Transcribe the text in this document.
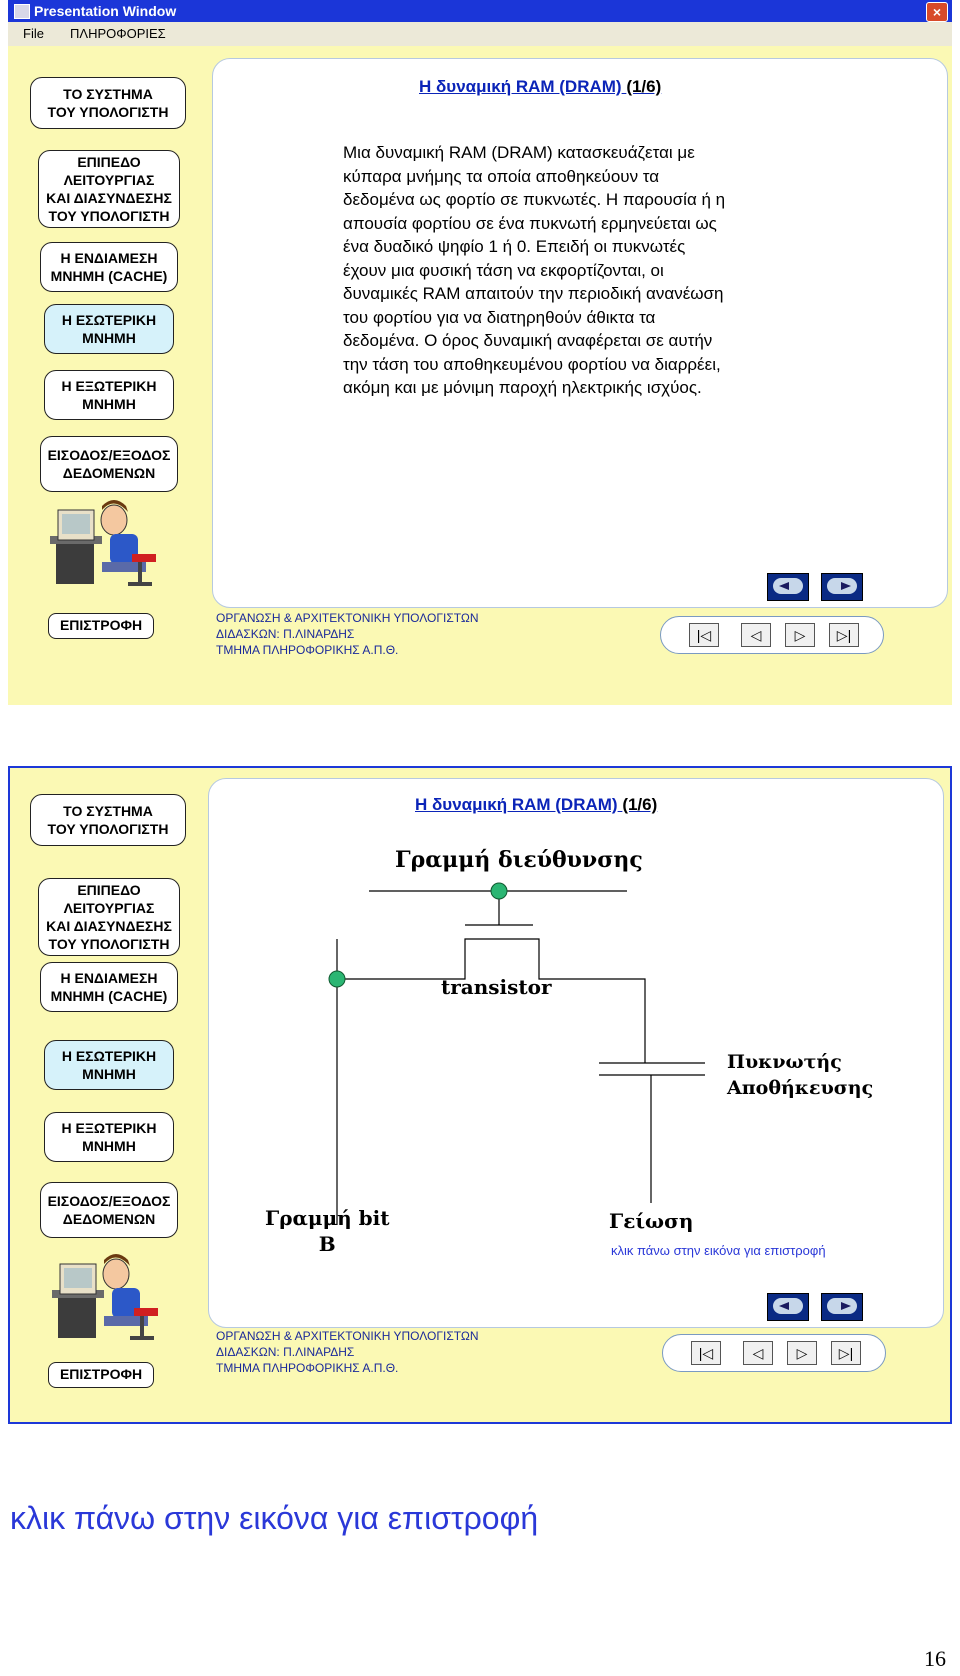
Presentation Window	×
File ΠΛΗΡΟΦΟΡΙΕΣ
ΤΟ ΣΥΣΤΗΜΑ
ΤΟΥ ΥΠΟΛΟΓΙΣΤΗ
ΕΠΙΠΕΔΟ
ΛΕΙΤΟΥΡΓΙΑΣ
ΚΑΙ ΔΙΑΣΥΝΔΕΣΗΣ
ΤΟΥ ΥΠΟΛΟΓΙΣΤΗ
Η ΕΝΔΙΑΜΕΣΗ
ΜΝΗΜΗ (CACHE)
Η ΕΣΩΤΕΡΙΚΗ
ΜΝΗΜΗ
Η ΕΞΩΤΕΡΙΚΗ
ΜΝΗΜΗ
ΕΙΣΟΔΟΣ/ΕΞΟΔΟΣ
ΔΕΔΟΜΕΝΩΝ
ΕΠΙΣΤΡΟΦΗ
Η δυναμική RAM (DRAM) (1/6)
Μια δυναμική RAM (DRAM) κατασκευάζεται με
κύπαρα μνήμης τα οποία αποθηκεύουν τα
δεδομένα ως φορτίο σε πυκνωτές. Η παρουσία ή η
απουσία φορτίου σε ένα πυκνωτή ερμηνεύεται ως
ένα δυαδικό ψηφίο 1 ή 0. Επειδή οι πυκνωτές
έχουν μια φυσική τάση να εκφορτίζονται, οι
δυναμικές RAM απαιτούν την περιοδική ανανέωση
του φορτίου για να διατηρηθούν άθικτα τα
δεδομένα. Ο όρος δυναμική αναφέρεται σε αυτήν
την τάση του αποθηκευμένου φορτίου να διαρρέει,
ακόμη και με μόνιμη παροχή ηλεκτρικής ισχύος.
ΟΡΓΑΝΩΣΗ & ΑΡΧΙΤΕΚΤΟΝΙΚΗ ΥΠΟΛΟΓΙΣΤΩΝ
ΔΙΔΑΣΚΩΝ: Π.ΛΙΝΑΡΔΗΣ
ΤΜΗΜΑ ΠΛΗΡΟΦΟΡΙΚΗΣ Α.Π.Θ.
|◁	◁	▷	▷|
ΤΟ ΣΥΣΤΗΜΑ
ΤΟΥ ΥΠΟΛΟΓΙΣΤΗ
ΕΠΙΠΕΔΟ
ΛΕΙΤΟΥΡΓΙΑΣ
ΚΑΙ ΔΙΑΣΥΝΔΕΣΗΣ
ΤΟΥ ΥΠΟΛΟΓΙΣΤΗ
Η ΕΝΔΙΑΜΕΣΗ
ΜΝΗΜΗ (CACHE)
Η ΕΣΩΤΕΡΙΚΗ
ΜΝΗΜΗ
Η ΕΞΩΤΕΡΙΚΗ
ΜΝΗΜΗ
ΕΙΣΟΔΟΣ/ΕΞΟΔΟΣ
ΔΕΔΟΜΕΝΩΝ
ΕΠΙΣΤΡΟΦΗ
Η δυναμική RAM (DRAM) (1/6)
Γραμμή διεύθυνσης
transistor
Πυκνωτής
Αποθήκευσης
Γραμμή bit
B
Γείωση
κλικ πάνω στην εικόνα για επιστροφή
ΟΡΓΑΝΩΣΗ & ΑΡΧΙΤΕΚΤΟΝΙΚΗ ΥΠΟΛΟΓΙΣΤΩΝ
ΔΙΔΑΣΚΩΝ: Π.ΛΙΝΑΡΔΗΣ
ΤΜΗΜΑ ΠΛΗΡΟΦΟΡΙΚΗΣ Α.Π.Θ.
|◁	◁	▷	▷|
κλικ πάνω στην εικόνα για επιστροφή
16
